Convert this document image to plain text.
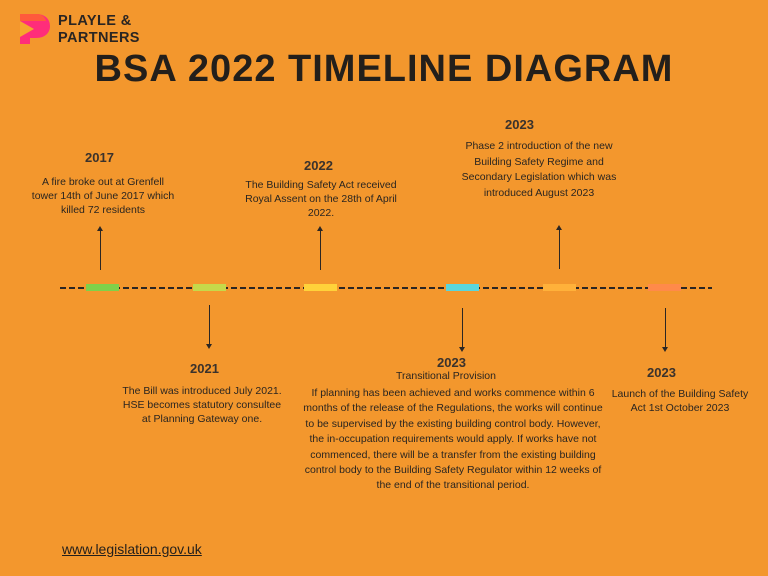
PLAYLE &
PARTNERS
BSA 2022 TIMELINE DIAGRAM
2017
A fire broke out at Grenfell tower 14th of June 2017 which killed 72 residents
2021
The Bill was introduced July 2021. HSE becomes statutory consultee at Planning Gateway one.
2022
The Building Safety Act received Royal Assent on the 28th of April 2022.
2023
Transitional Provision
If planning has been achieved and works commence within 6 months of the release of the Regulations, the works will continue to be supervised by the existing building control body. However, the in-occupation requirements would apply. If works have not commenced, there will be a transfer from the existing building control body to the Building Safety Regulator within 12 weeks of the end of the transitional period.
2023
Phase 2 introduction of the new Building Safety Regime and Secondary Legislation which was introduced August 2023
2023
Launch of the Building Safety Act 1st October 2023
www.legislation.gov.uk
